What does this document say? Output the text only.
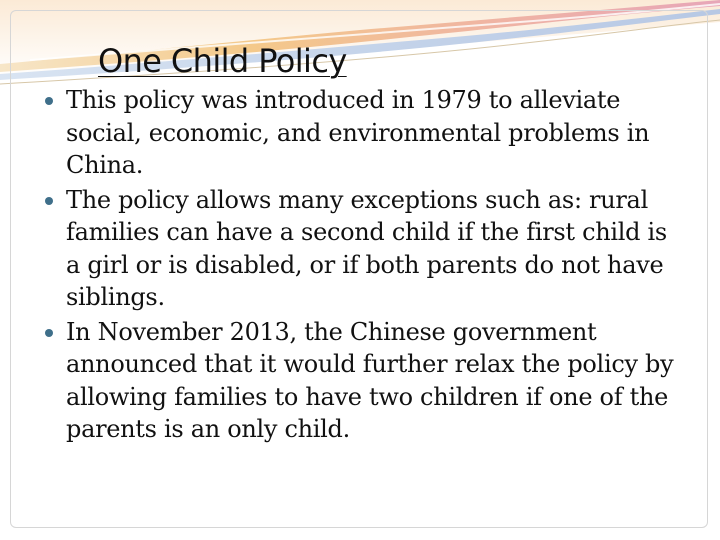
One Child Policy
This policy was introduced in 1979 to alleviate social, economic, and environmental problems in China.
The policy allows many exceptions such as: rural families can have a second child if the first child is a girl or is disabled, or if both parents do not have siblings.
In November 2013, the Chinese government announced that it would further relax the policy by allowing families to have two children if one of the parents is an only child.
